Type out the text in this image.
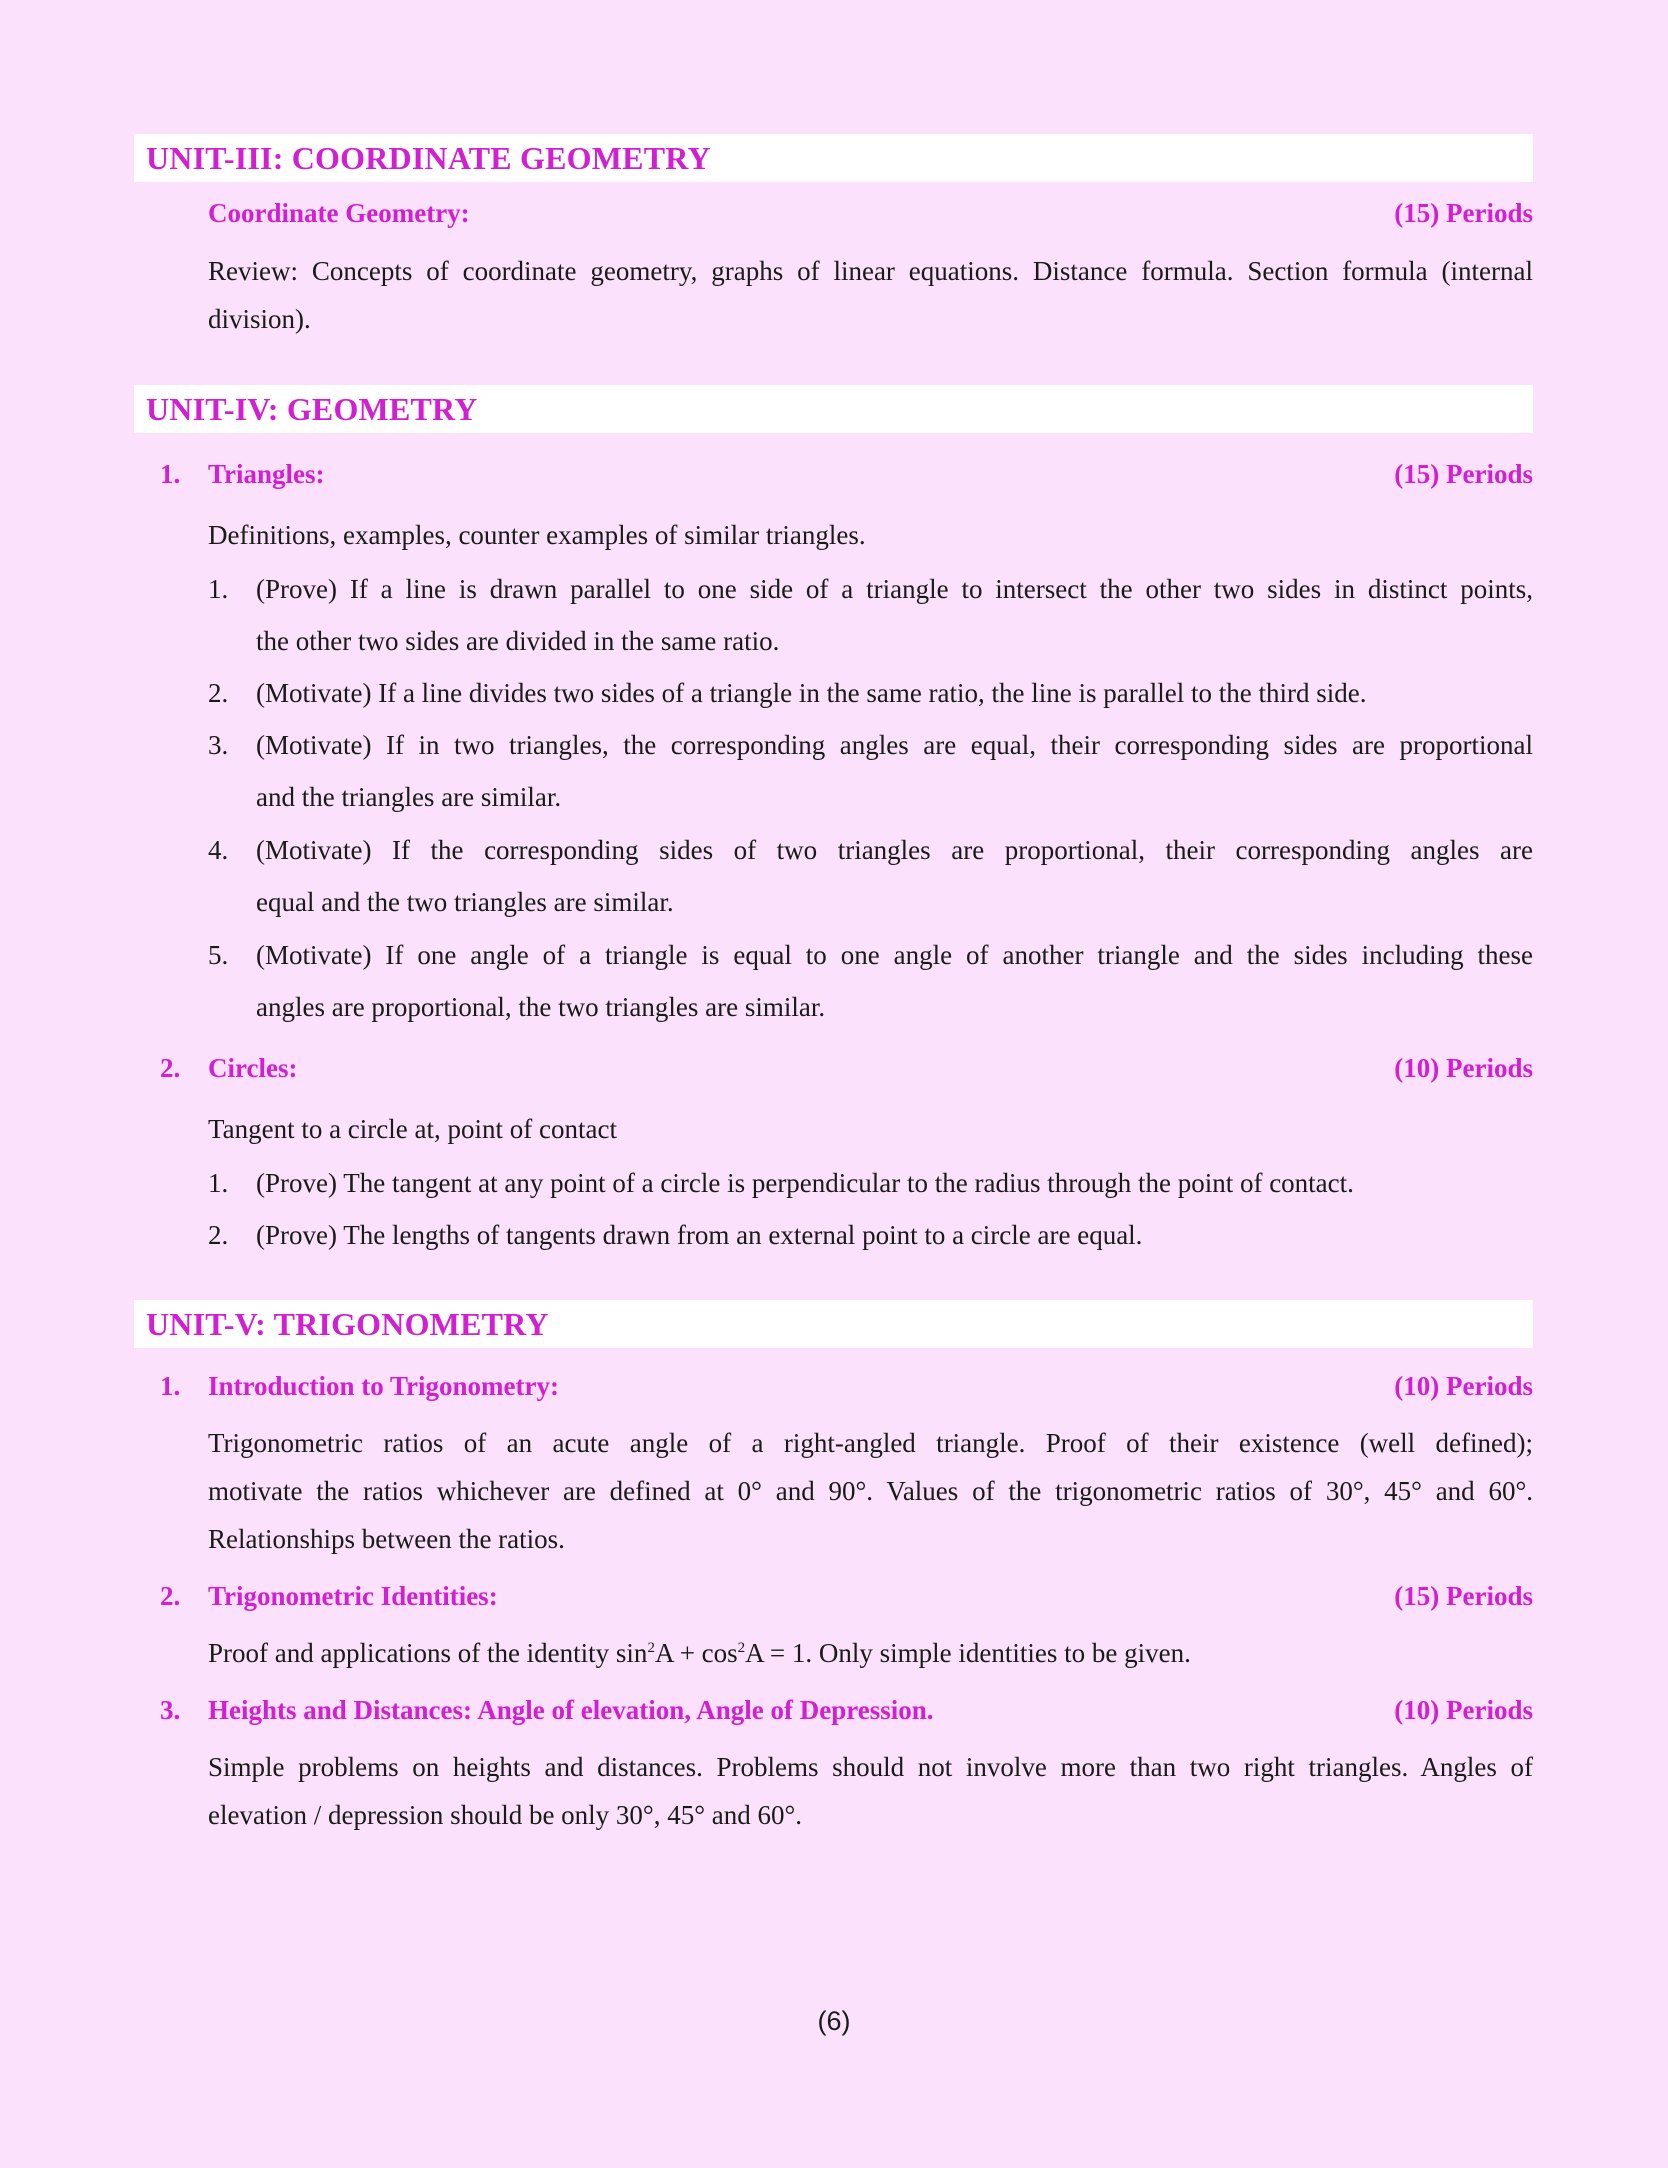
UNIT-III: COORDINATE GEOMETRY
Coordinate Geometry:	(15) Periods
Review: Concepts of coordinate geometry, graphs of linear equations. Distance formula. Section formula (internal
division).
UNIT-IV: GEOMETRY
1. Triangles:	(15) Periods
Definitions, examples, counter examples of similar triangles.
1. (Prove) If a line is drawn parallel to one side of a triangle to intersect the other two sides in distinct points,
the other two sides are divided in the same ratio.
2. (Motivate) If a line divides two sides of a triangle in the same ratio, the line is parallel to the third side.
3. (Motivate) If in two triangles, the corresponding angles are equal, their corresponding sides are proportional
and the triangles are similar.
4. (Motivate) If the corresponding sides of two triangles are proportional, their corresponding angles are
equal and the two triangles are similar.
5. (Motivate) If one angle of a triangle is equal to one angle of another triangle and the sides including these
angles are proportional, the two triangles are similar.
2. Circles:	(10) Periods
Tangent to a circle at, point of contact
1. (Prove) The tangent at any point of a circle is perpendicular to the radius through the point of contact.
2. (Prove) The lengths of tangents drawn from an external point to a circle are equal.
UNIT-V: TRIGONOMETRY
1. Introduction to Trigonometry:	(10) Periods
Trigonometric ratios of an acute angle of a right-angled triangle. Proof of their existence (well defined);
motivate the ratios whichever are defined at 0° and 90°. Values of the trigonometric ratios of 30°, 45° and 60°.
Relationships between the ratios.
2. Trigonometric Identities:	(15) Periods
Proof and applications of the identity $\sin^2A + \cos^2A = 1$. Only simple identities to be given.
3. Heights and Distances: Angle of elevation, Angle of Depression.	(10) Periods
Simple problems on heights and distances. Problems should not involve more than two right triangles. Angles of
elevation / depression should be only 30°, 45° and 60°.
(6)
